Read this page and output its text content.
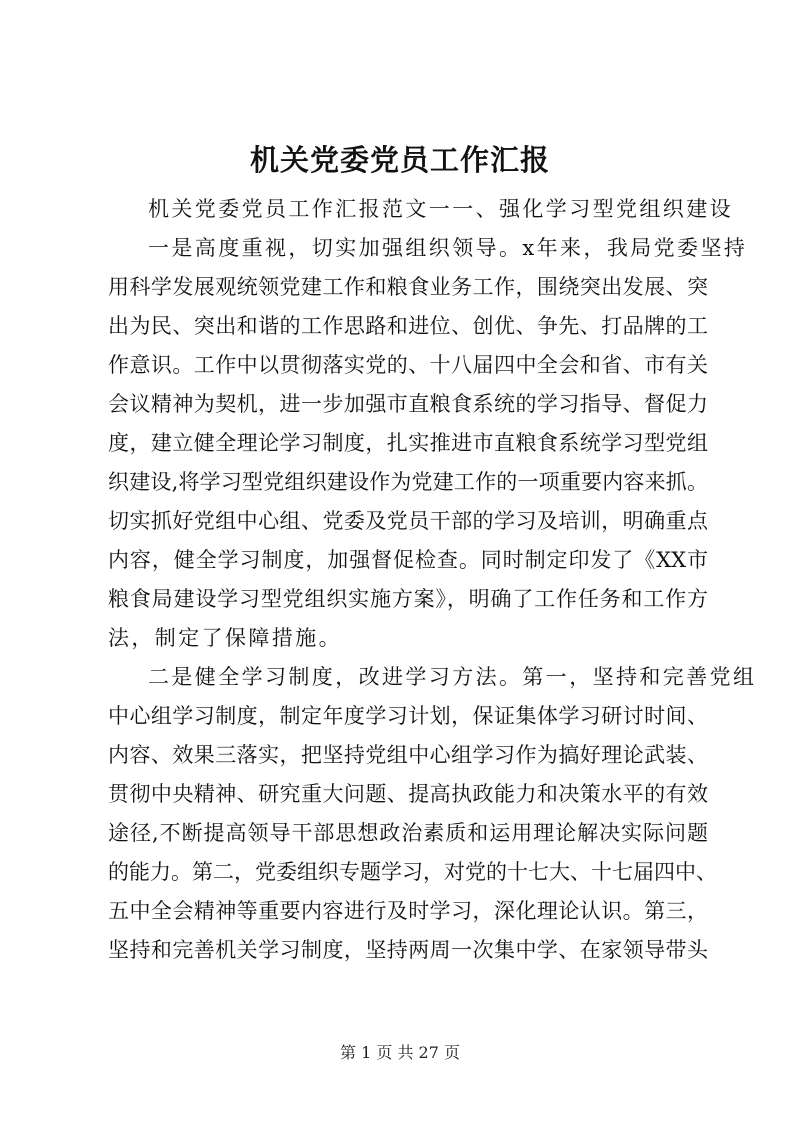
机关党委党员工作汇报
机关党委党员工作汇报范文一一、强化学习型党组织建设
一是高度重视，切实加强组织领导。x年来，我局党委坚持
用科学发展观统领党建工作和粮食业务工作，围绕突出发展、突
出为民、突出和谐的工作思路和进位、创优、争先、打品牌的工
作意识。工作中以贯彻落实党的、十八届四中全会和省、市有关
会议精神为契机，进一步加强市直粮食系统的学习指导、督促力
度，建立健全理论学习制度，扎实推进市直粮食系统学习型党组
织建设,将学习型党组织建设作为党建工作的一项重要内容来抓。
切实抓好党组中心组、党委及党员干部的学习及培训，明确重点
内容，健全学习制度，加强督促检查。同时制定印发了《XX市
粮食局建设学习型党组织实施方案》，明确了工作任务和工作方
法，制定了保障措施。
二是健全学习制度，改进学习方法。第一，坚持和完善党组
中心组学习制度，制定年度学习计划，保证集体学习研讨时间、
内容、效果三落实，把坚持党组中心组学习作为搞好理论武装、
贯彻中央精神、研究重大问题、提高执政能力和决策水平的有效
途径,不断提高领导干部思想政治素质和运用理论解决实际问题
的能力。第二，党委组织专题学习，对党的十七大、十七届四中、
五中全会精神等重要内容进行及时学习，深化理论认识。第三，
坚持和完善机关学习制度，坚持两周一次集中学、在家领导带头
第 1 页 共 27 页
